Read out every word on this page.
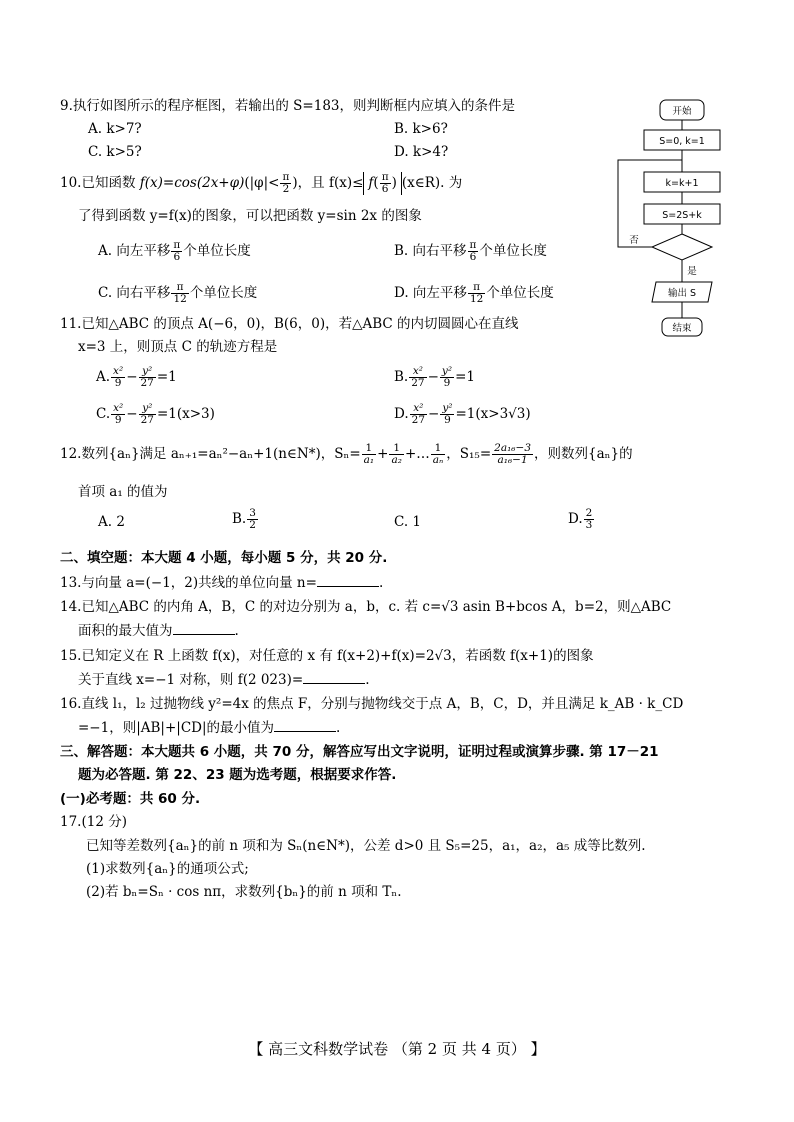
9.执行如图所示的程序框图，若输出的 S=183，则判断框内应填入的条件是
A. k>7?	B. k>6?
C. k>5?	D. k>4?
开始
S=0, k=1
k=k+1
S=2S+k
否
是
输出 S
结束
10.已知函数 $f(x)=\cos(2x+\varphi)(|\varphi|< \frac{\pi}{2}$ )，且 $f(x)\le f( \frac{\pi}{6}$ ) (x∈R). 为
了得到函数 y=f(x)的图象，可以把函数 y=sin 2x 的图象
A. 向左平移 $\frac{\pi}{6}$ 个单位长度	B. 向右平移 $\frac{\pi}{6}$ 个单位长度
C. 向右平移 $\frac{\pi}{12}$ 个单位长度	D. 向左平移 $\frac{\pi}{12}$ 个单位长度
11.已知△ABC 的顶点 A(−6，0)，B(6，0)，若△ABC 的内切圆圆心在直线
x=3 上，则顶点 C 的轨迹方程是
A. $\frac{\text{x²}}{9} - \frac{\text{y²}}{27} =1$	B. $\frac{\text{x²}}{27} - \frac{\text{y²}}{9} =1$
C. $\frac{\text{x²}}{9} - \frac{\text{y²}}{27} =1(x>3)$	D. $\frac{\text{x²}}{27} - \frac{\text{y²}}{9} =1(x>3√3)$
12.数列{aₙ}满足 aₙ₊₁=aₙ²−aₙ+1(n∈N*)，$S_n= \frac{1}{\text{a₁}} + \frac{1}{\text{a₂}}$ +… $\frac{1}{\text{aₙ}}$ ，$S_{15}= \frac{\text{2a₁₆−3}}{\text{a₁₆−1}}$ ，则数列{aₙ}的
首项 a₁ 的值为
A. 2	B. $\frac{3}{2}$	C. 1	D. $\frac{2}{3}$
二、填空题：本大题 4 小题，每小题 5 分，共 20 分.
13.与向量 a=(−1，2)共线的单位向量 n=	.
14.已知△ABC 的内角 A，B，C 的对边分别为 a，b，c. 若 c=√3 asin B+bcos A，b=2，则△ABC
面积的最大值为	.
15.已知定义在 R 上函数 f(x)，对任意的 x 有 f(x+2)+f(x)=2√3，若函数 f(x+1)的图象
关于直线 x=−1 对称，则 f(2 023)=	.
16.直线 l₁，l₂ 过抛物线 y²=4x 的焦点 F，分别与抛物线交于点 A，B，C，D，并且满足 k_AB · k_CD
=−1，则|AB|+|CD|的最小值为	.
三、解答题：本大题共 6 小题，共 70 分，解答应写出文字说明，证明过程或演算步骤. 第 17－21
题为必答题. 第 22、23 题为选考题，根据要求作答.
(一)必考题：共 60 分.
17.(12 分)
已知等差数列{aₙ}的前 n 项和为 Sₙ(n∈N*)，公差 d>0 且 S₅=25，a₁，a₂，a₅ 成等比数列.
(1)求数列{aₙ}的通项公式;
(2)若 bₙ=Sₙ · cos nπ，求数列{bₙ}的前 n 项和 Tₙ.
【 高三文科数学试卷 （第 2 页 共 4 页） 】
